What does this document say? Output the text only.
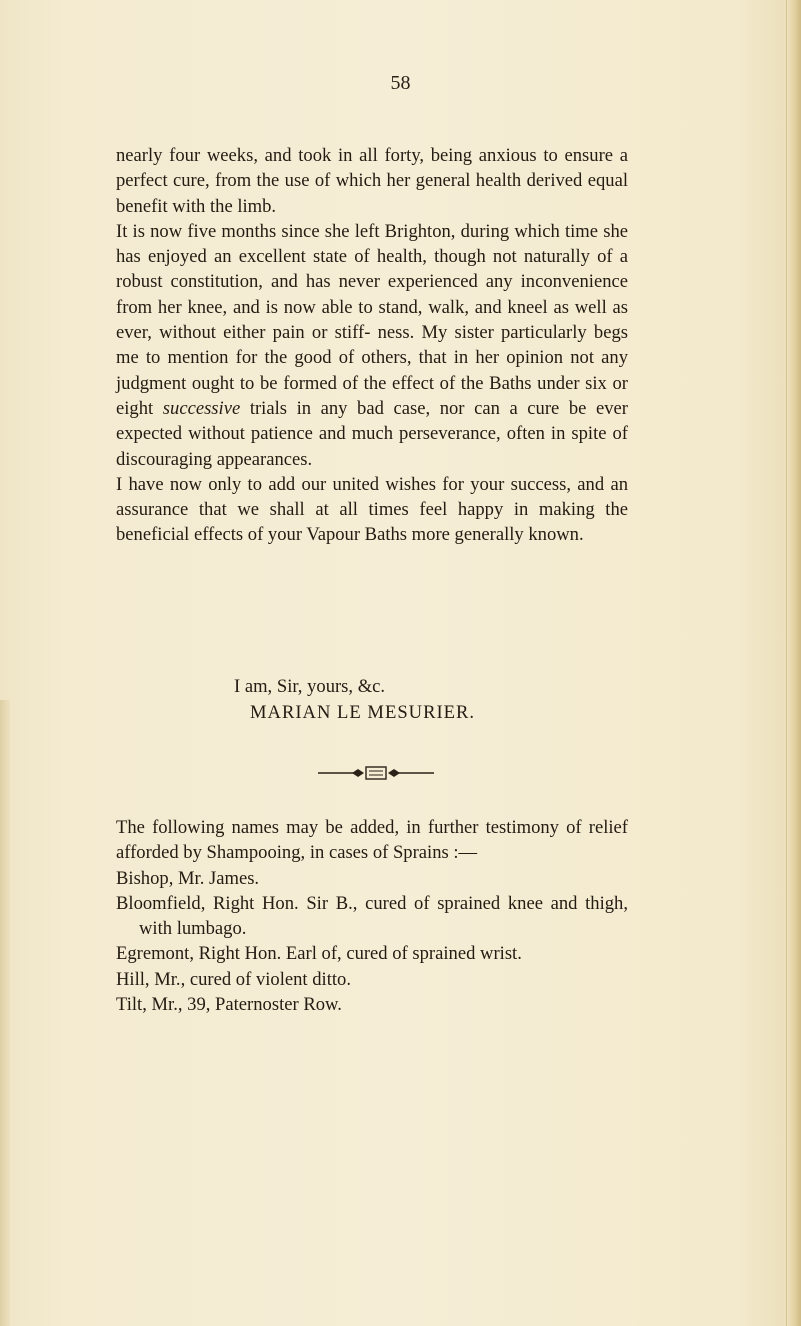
58

nearly four weeks, and took in all forty, being anxious to ensure a perfect cure, from the use of which her general health derived equal benefit with the limb.

It is now five months since she left Brighton, during which time she has enjoyed an excellent state of health, though not naturally of a robust constitution, and has never experienced any inconvenience from her knee, and is now able to stand, walk, and kneel as well as ever, without either pain or stiff- ness. My sister particularly begs me to mention for the good of others, that in her opinion not any judgment ought to be formed of the effect of the Baths under six or eight successive trials in any bad case, nor can a cure be ever expected without patience and much perseverance, often in spite of discouraging appearances.

I have now only to add our united wishes for your success, and an assurance that we shall at all times feel happy in making the beneficial effects of your Vapour Baths more generally known.

I am, Sir, yours, &c.
MARIAN LE MESURIER.

The following names may be added, in further testimony of relief afforded by Shampooing, in cases of Sprains :—

Bishop, Mr. James.

Bloomfield, Right Hon. Sir B., cured of sprained knee and thigh, with lumbago.

Egremont, Right Hon. Earl of, cured of sprained wrist.

Hill, Mr., cured of violent ditto.

Tilt, Mr., 39, Paternoster Row.
